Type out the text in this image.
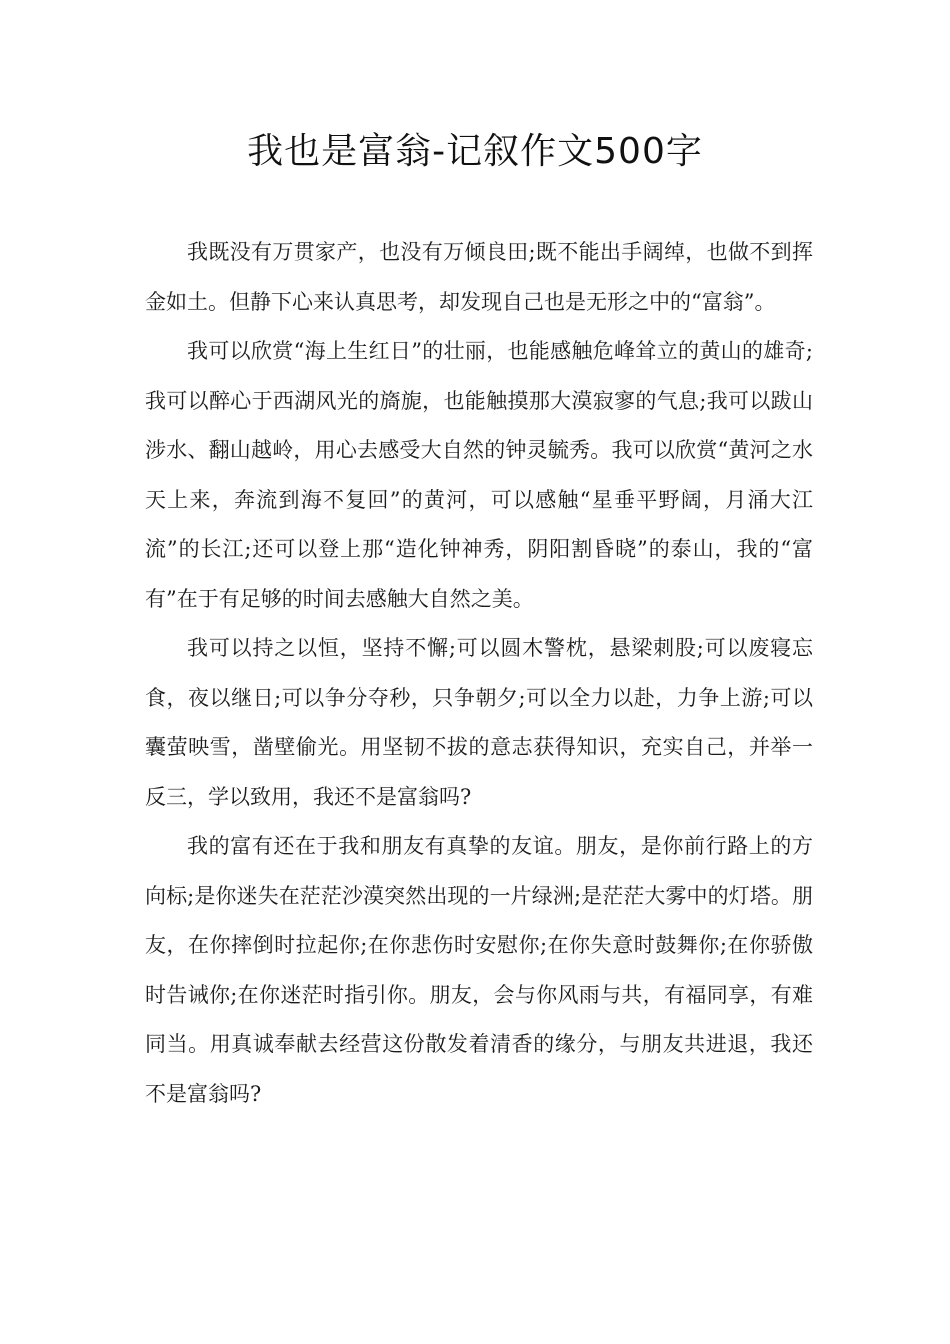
我也是富翁-记叙作文500字

我既没有万贯家产，也没有万倾良田;既不能出手阔绰，也做不到挥金如土。但静下心来认真思考，却发现自己也是无形之中的“富翁”。

我可以欣赏“海上生红日”的壮丽，也能感触危峰耸立的黄山的雄奇;我可以醉心于西湖风光的旖旎，也能触摸那大漠寂寥的气息;我可以跋山涉水、翻山越岭，用心去感受大自然的钟灵毓秀。我可以欣赏“黄河之水天上来，奔流到海不复回”的黄河，可以感触“星垂平野阔，月涌大江流”的长江;还可以登上那“造化钟神秀，阴阳割昏晓”的泰山，我的“富有”在于有足够的时间去感触大自然之美。

我可以持之以恒，坚持不懈;可以圆木警枕，悬梁刺股;可以废寝忘食，夜以继日;可以争分夺秒，只争朝夕;可以全力以赴，力争上游;可以囊萤映雪，凿壁偷光。用坚韧不拔的意志获得知识，充实自己，并举一反三，学以致用，我还不是富翁吗?

我的富有还在于我和朋友有真挚的友谊。朋友，是你前行路上的方向标;是你迷失在茫茫沙漠突然出现的一片绿洲;是茫茫大雾中的灯塔。朋友，在你摔倒时拉起你;在你悲伤时安慰你;在你失意时鼓舞你;在你骄傲时告诫你;在你迷茫时指引你。朋友，会与你风雨与共，有福同享，有难同当。用真诚奉献去经营这份散发着清香的缘分，与朋友共进退，我还不是富翁吗?
